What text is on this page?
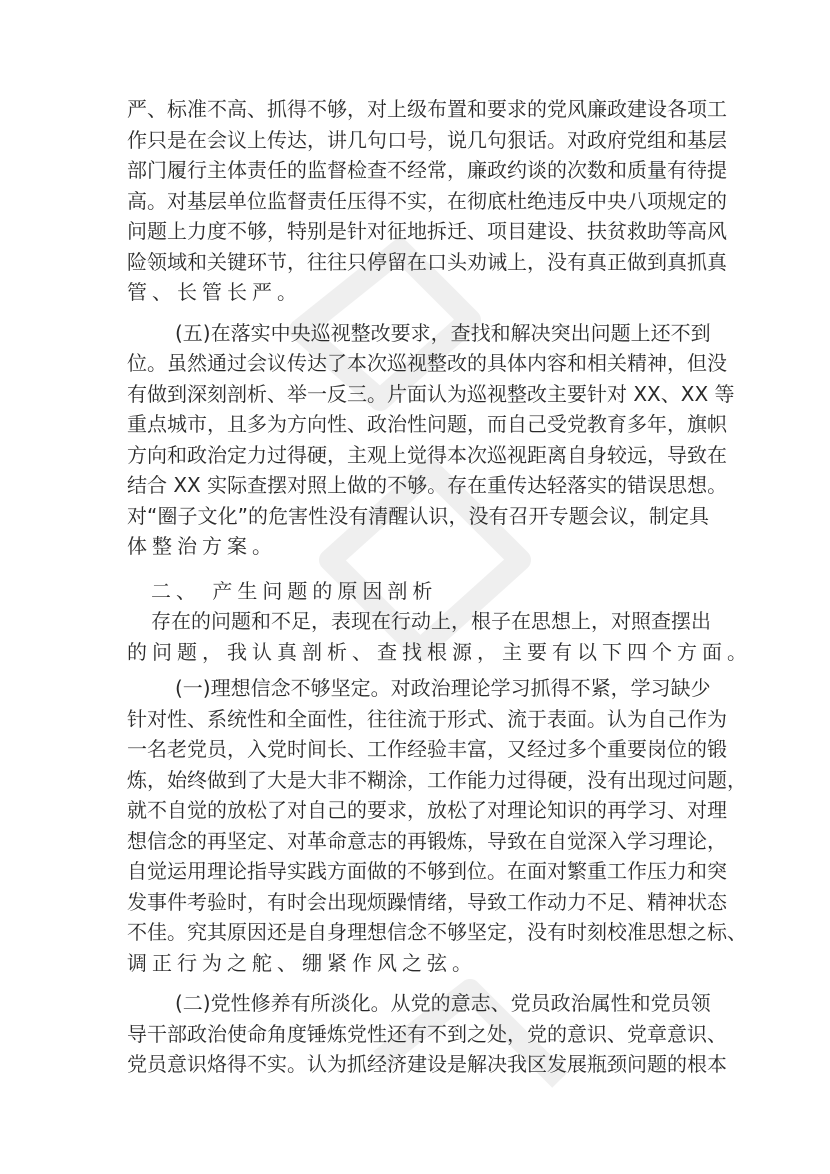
严、标准不高、抓得不够，对上级布置和要求的党风廉政建设各项工
作只是在会议上传达，讲几句口号，说几句狠话。对政府党组和基层
部门履行主体责任的监督检查不经常，廉政约谈的次数和质量有待提
高。对基层单位监督责任压得不实，在彻底杜绝违反中央八项规定的
问题上力度不够，特别是针对征地拆迁、项目建设、扶贫救助等高风
险领域和关键环节，往往只停留在口头劝诫上，没有真正做到真抓真
管、长管长严。
(五)在落实中央巡视整改要求，查找和解决突出问题上还不到
位。虽然通过会议传达了本次巡视整改的具体内容和相关精神，但没
有做到深刻剖析、举一反三。片面认为巡视整改主要针对 XX、XX 等
重点城市，且多为方向性、政治性问题，而自己受党教育多年，旗帜
方向和政治定力过得硬，主观上觉得本次巡视距离自身较远，导致在
结合 XX 实际查摆对照上做的不够。存在重传达轻落实的错误思想。
对“圈子文化”的危害性没有清醒认识，没有召开专题会议，制定具
体整治方案。
二、 产生问题的原因剖析
存在的问题和不足，表现在行动上，根子在思想上，对照查摆出
的问题，我认真剖析、查找根源，主要有以下四个方面。
(一)理想信念不够坚定。对政治理论学习抓得不紧，学习缺少
针对性、系统性和全面性，往往流于形式、流于表面。认为自己作为
一名老党员，入党时间长、工作经验丰富，又经过多个重要岗位的锻
炼，始终做到了大是大非不糊涂，工作能力过得硬，没有出现过问题，
就不自觉的放松了对自己的要求，放松了对理论知识的再学习、对理
想信念的再坚定、对革命意志的再锻炼，导致在自觉深入学习理论，
自觉运用理论指导实践方面做的不够到位。在面对繁重工作压力和突
发事件考验时，有时会出现烦躁情绪，导致工作动力不足、精神状态
不佳。究其原因还是自身理想信念不够坚定，没有时刻校准思想之标、
调正行为之舵、绷紧作风之弦。
(二)党性修养有所淡化。从党的意志、党员政治属性和党员领
导干部政治使命角度锤炼党性还有不到之处，党的意识、党章意识、
党员意识烙得不实。认为抓经济建设是解决我区发展瓶颈问题的根本
